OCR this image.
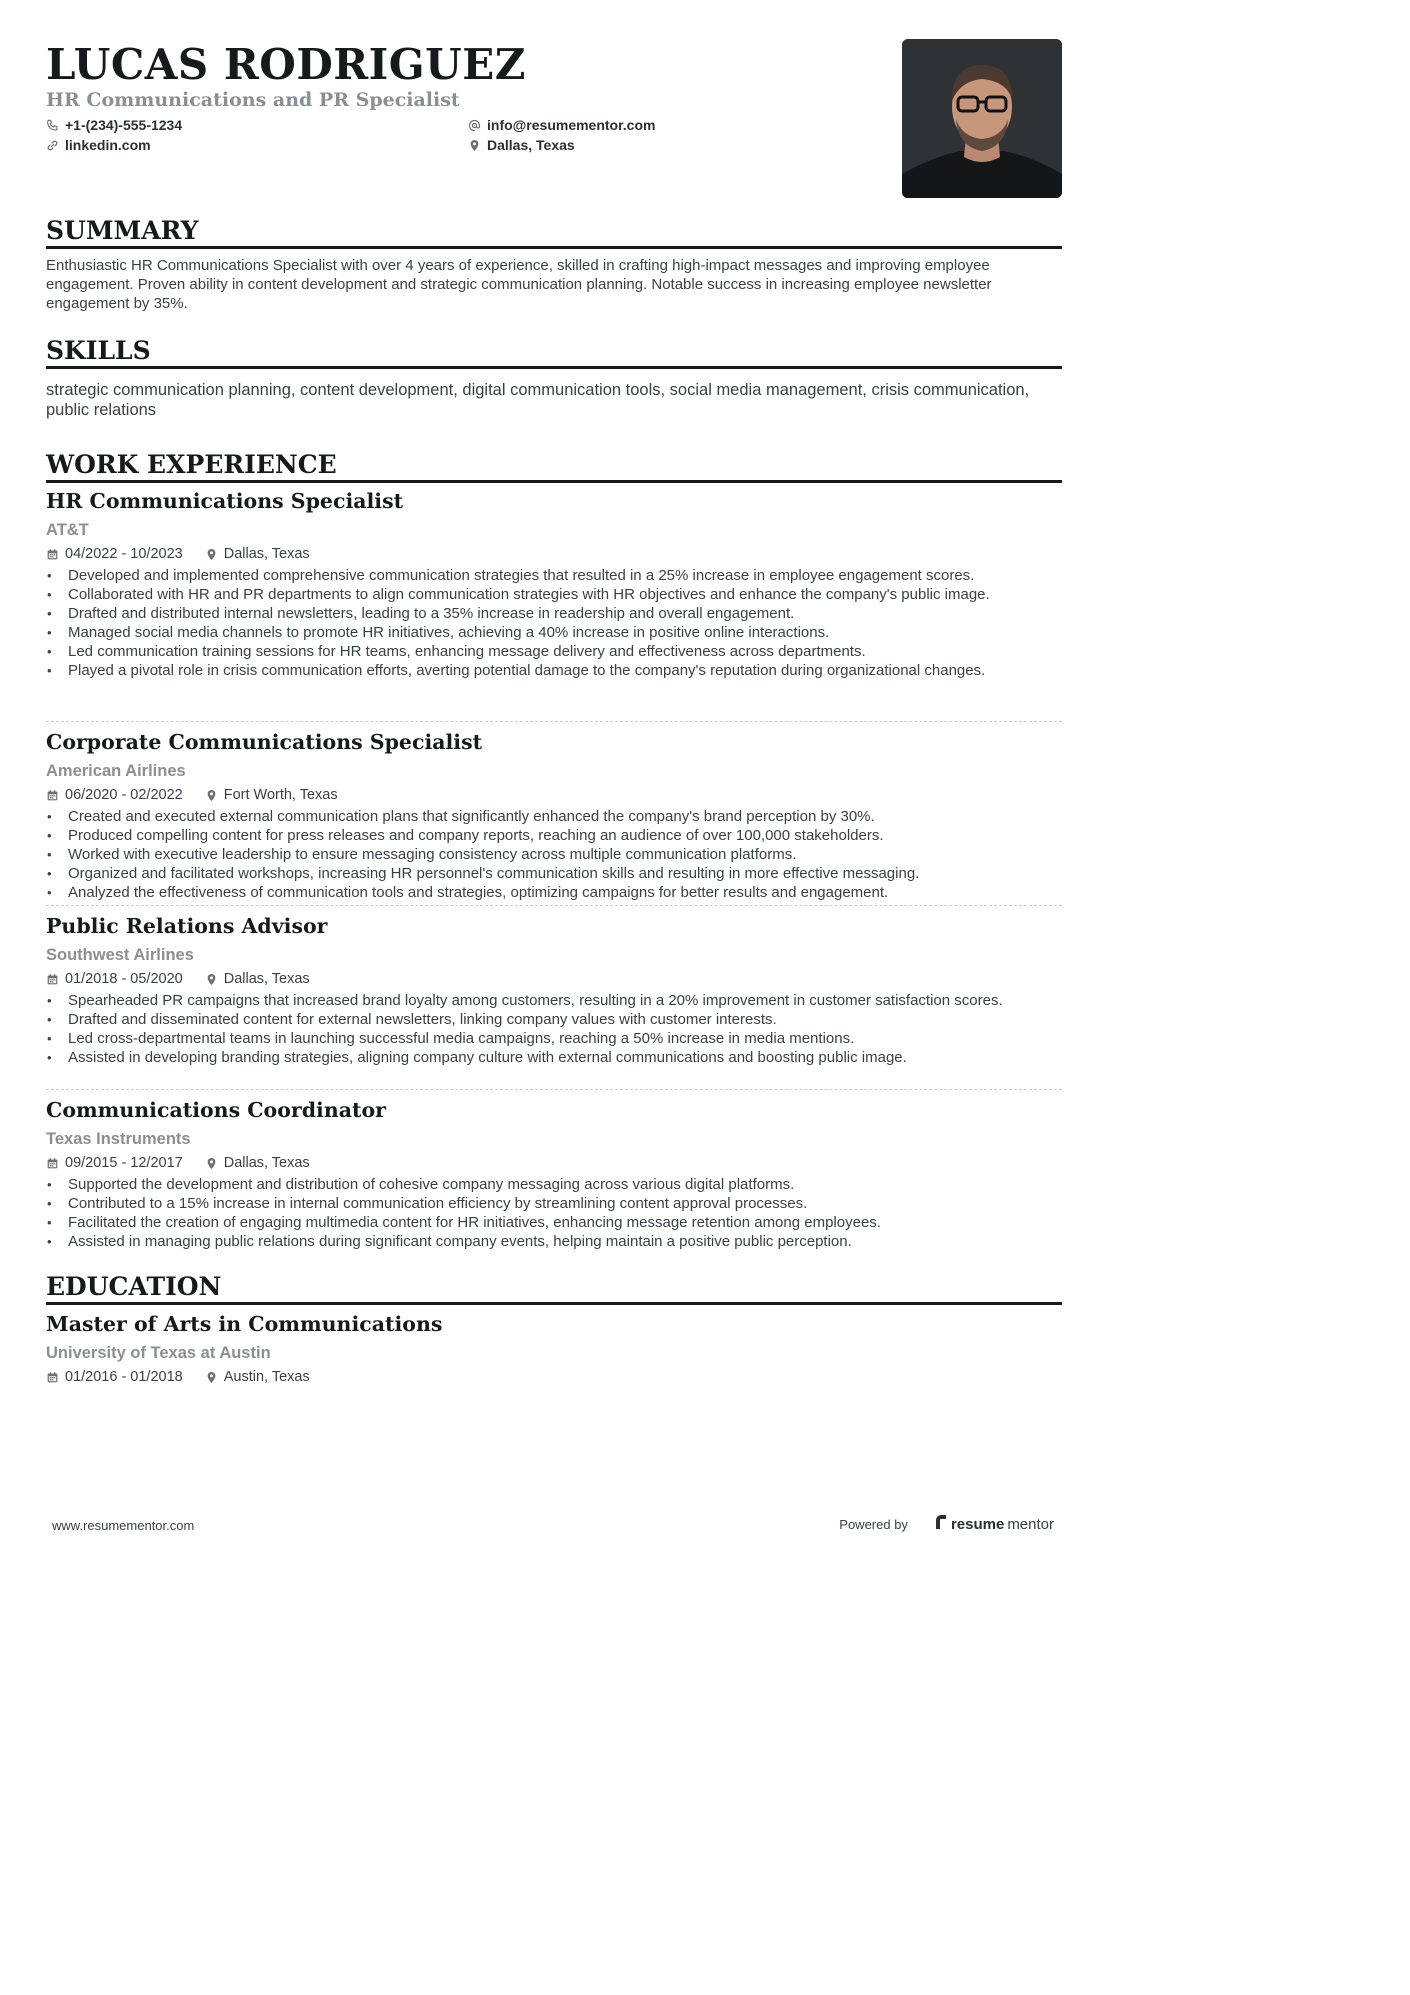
LUCAS RODRIGUEZ
HR Communications and PR Specialist
+1-(234)-555-1234
linkedin.com
info@resumementor.com
Dallas, Texas
SUMMARY

Enthusiastic HR Communications Specialist with over 4 years of experience, skilled in crafting high-impact messages and improving employee engagement. Proven ability in content development and strategic communication planning. Notable success in increasing employee newsletter engagement by 35%.

SKILLS

strategic communication planning, content development, digital communication tools, social media management, crisis communication, public relations

WORK EXPERIENCE
HR Communications Specialist
AT&T
04/2022 - 10/2023	Dallas, Texas
• Developed and implemented comprehensive communication strategies that resulted in a 25% increase in employee engagement scores.
• Collaborated with HR and PR departments to align communication strategies with HR objectives and enhance the company's public image.
• Drafted and distributed internal newsletters, leading to a 35% increase in readership and overall engagement.
• Managed social media channels to promote HR initiatives, achieving a 40% increase in positive online interactions.
• Led communication training sessions for HR teams, enhancing message delivery and effectiveness across departments.
• Played a pivotal role in crisis communication efforts, averting potential damage to the company's reputation during organizational changes.
Corporate Communications Specialist
American Airlines
06/2020 - 02/2022	Fort Worth, Texas
• Created and executed external communication plans that significantly enhanced the company's brand perception by 30%.
• Produced compelling content for press releases and company reports, reaching an audience of over 100,000 stakeholders.
• Worked with executive leadership to ensure messaging consistency across multiple communication platforms.
• Organized and facilitated workshops, increasing HR personnel's communication skills and resulting in more effective messaging.
• Analyzed the effectiveness of communication tools and strategies, optimizing campaigns for better results and engagement.
Public Relations Advisor
Southwest Airlines
01/2018 - 05/2020	Dallas, Texas
• Spearheaded PR campaigns that increased brand loyalty among customers, resulting in a 20% improvement in customer satisfaction scores.
• Drafted and disseminated content for external newsletters, linking company values with customer interests.
• Led cross-departmental teams in launching successful media campaigns, reaching a 50% increase in media mentions.
• Assisted in developing branding strategies, aligning company culture with external communications and boosting public image.
Communications Coordinator
Texas Instruments
09/2015 - 12/2017	Dallas, Texas
• Supported the development and distribution of cohesive company messaging across various digital platforms.
• Contributed to a 15% increase in internal communication efficiency by streamlining content approval processes.
• Facilitated the creation of engaging multimedia content for HR initiatives, enhancing message retention among employees.
• Assisted in managing public relations during significant company events, helping maintain a positive public perception.
EDUCATION
Master of Arts in Communications
University of Texas at Austin
01/2016 - 01/2018	Austin, Texas
www.resumementor.com	Powered by	resume mentor
